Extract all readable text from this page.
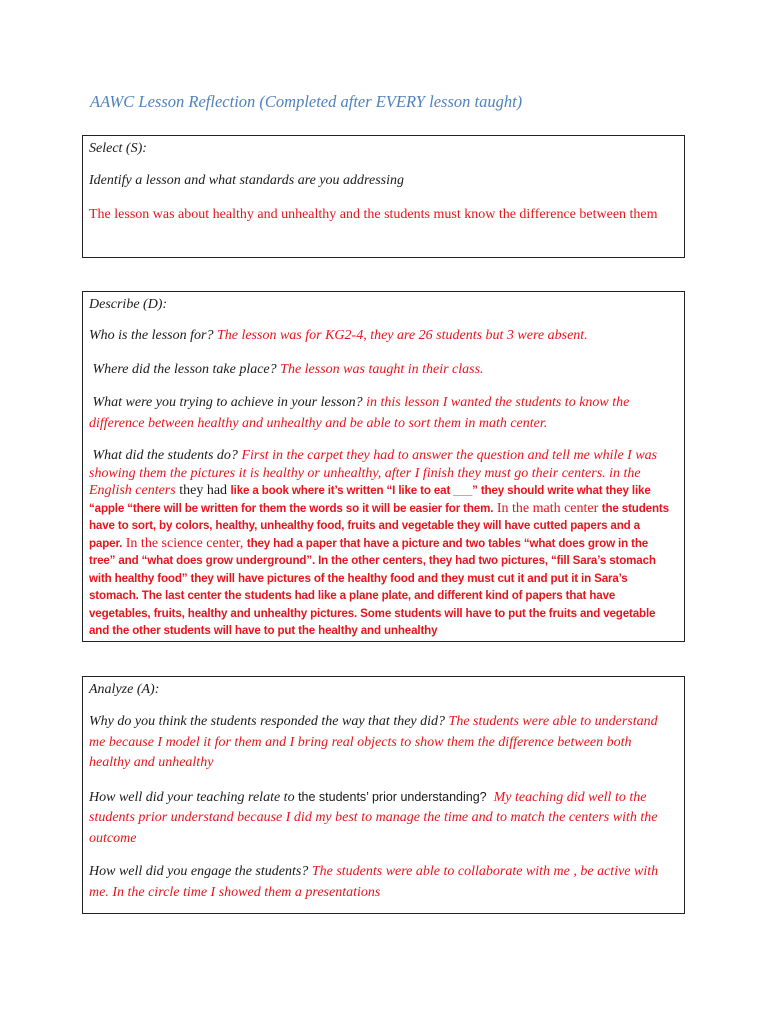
AAWC Lesson Reflection (Completed after EVERY lesson taught)
Select (S):

Identify a lesson and what standards are you addressing

The lesson was about healthy and unhealthy and the students must know the difference between them

Describe (D):

Who is the lesson for? The lesson was for KG2-4, they are 26 students but 3 were absent.

Where did the lesson take place? The lesson was taught in their class.

What were you trying to achieve in your lesson? in this lesson I wanted the students to know the difference between healthy and unhealthy and be able to sort them in math center.

What did the students do? First in the carpet they had to answer the question and tell me while I was showing them the pictures it is healthy or unhealthy, after I finish they must go their centers. in the English centers they had like a book where it’s written “I like to eat ___” they should write what they like “apple “there will be written for them the words so it will be easier for them. In the math center the students have to sort, by colors, healthy, unhealthy food, fruits and vegetable they will have cutted papers and a paper. In the science center, they had a paper that have a picture and two tables “what does grow in the tree” and “what does grow underground”. In the other centers, they had two pictures, “fill Sara’s stomach with healthy food” they will have pictures of the healthy food and they must cut it and put it in Sara’s stomach. The last center the students had like a plane plate, and different kind of papers that have vegetables, fruits, healthy and unhealthy pictures. Some students will have to put the fruits and vegetable and the other students will have to put the healthy and unhealthy

Analyze (A):

Why do you think the students responded the way that they did? The students were able to understand me because I model it for them and I bring real objects to show them the difference between both healthy and unhealthy

How well did your teaching relate to the students’ prior understanding? My teaching did well to the students prior understand because I did my best to manage the time and to match the centers with the outcome

How well did you engage the students? The students were able to collaborate with me , be active with me. In the circle time I showed them a presentations
